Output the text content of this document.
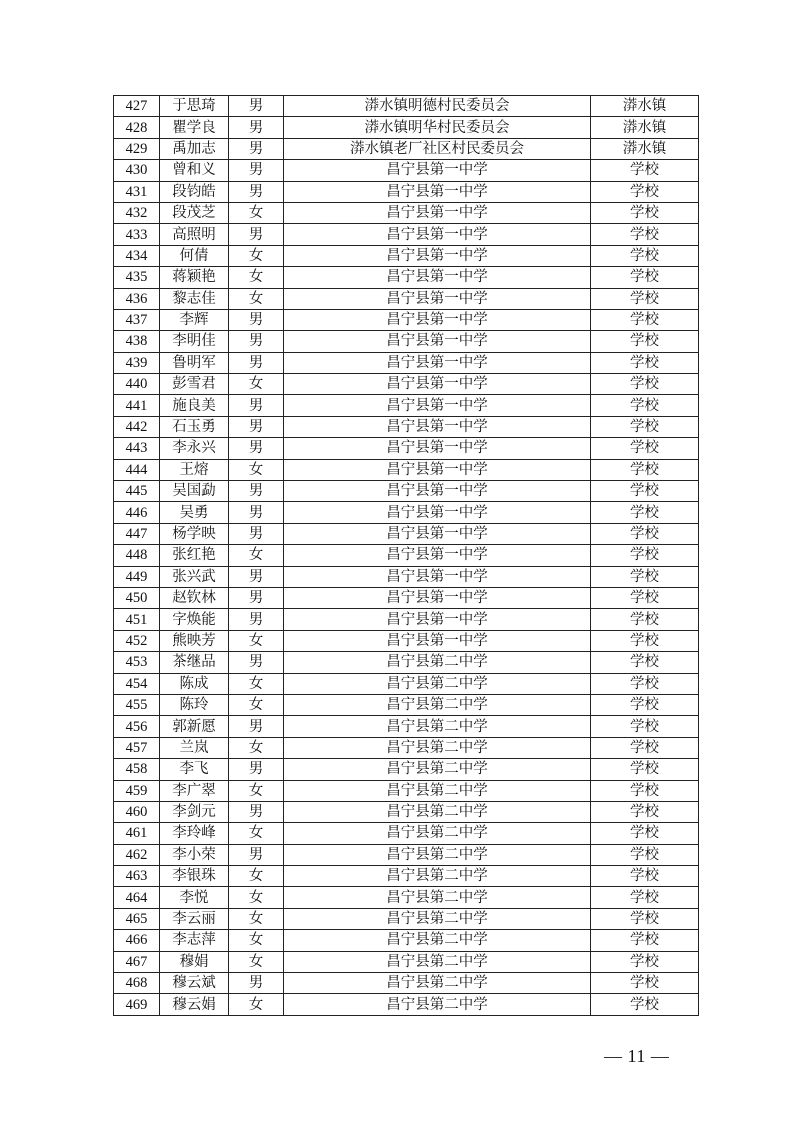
427	于思琦	男	漭水镇明德村民委员会	漭水镇
428	瞿学良	男	漭水镇明华村民委员会	漭水镇
429	禹加志	男	漭水镇老厂社区村民委员会	漭水镇
430	曾和义	男	昌宁县第一中学	学校
431	段钧皓	男	昌宁县第一中学	学校
432	段茂芝	女	昌宁县第一中学	学校
433	高照明	男	昌宁县第一中学	学校
434	何倩	女	昌宁县第一中学	学校
435	蒋颖艳	女	昌宁县第一中学	学校
436	黎志佳	女	昌宁县第一中学	学校
437	李辉	男	昌宁县第一中学	学校
438	李明佳	男	昌宁县第一中学	学校
439	鲁明军	男	昌宁县第一中学	学校
440	彭雪君	女	昌宁县第一中学	学校
441	施良美	男	昌宁县第一中学	学校
442	石玉勇	男	昌宁县第一中学	学校
443	李永兴	男	昌宁县第一中学	学校
444	王熔	女	昌宁县第一中学	学校
445	吴国勐	男	昌宁县第一中学	学校
446	吴勇	男	昌宁县第一中学	学校
447	杨学映	男	昌宁县第一中学	学校
448	张红艳	女	昌宁县第一中学	学校
449	张兴武	男	昌宁县第一中学	学校
450	赵钦林	男	昌宁县第一中学	学校
451	字焕能	男	昌宁县第一中学	学校
452	熊映芳	女	昌宁县第一中学	学校
453	茶继品	男	昌宁县第二中学	学校
454	陈成	女	昌宁县第二中学	学校
455	陈玲	女	昌宁县第二中学	学校
456	郭新愿	男	昌宁县第二中学	学校
457	兰岚	女	昌宁县第二中学	学校
458	李飞	男	昌宁县第二中学	学校
459	李广翠	女	昌宁县第二中学	学校
460	李剑元	男	昌宁县第二中学	学校
461	李玲峰	女	昌宁县第二中学	学校
462	李小荣	男	昌宁县第二中学	学校
463	李银珠	女	昌宁县第二中学	学校
464	李悦	女	昌宁县第二中学	学校
465	李云丽	女	昌宁县第二中学	学校
466	李志萍	女	昌宁县第二中学	学校
467	穆娟	女	昌宁县第二中学	学校
468	穆云斌	男	昌宁县第二中学	学校
469	穆云娟	女	昌宁县第二中学	学校
— 11 —
